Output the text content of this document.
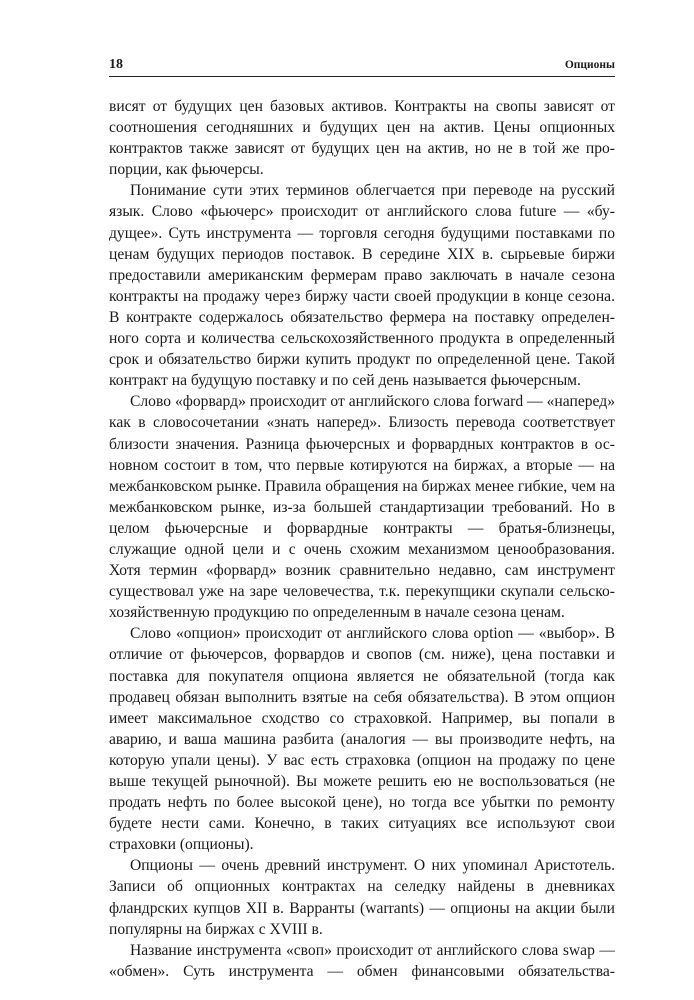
18	Опционы

висят от будущих цен базовых активов. Контракты на свопы зависят от соотношения сегодняшних и будущих цен на актив. Цены опционных контрактов также зависят от будущих цен на актив, но не в той же пропорции, как фьючерсы.

Понимание сути этих терминов облегчается при переводе на русский язык. Слово «фьючерс» происходит от английского слова future — «будущее». Суть инструмента — торговля сегодня будущими поставками по ценам будущих периодов поставок. В середине XIX в. сырьевые биржи предоставили американским фермерам право заключать в начале сезона контракты на продажу через биржу части своей продукции в конце сезона. В контракте содержалось обязательство фермера на поставку определенного сорта и количества сельскохозяйственного продукта в определенный срок и обязательство биржи купить продукт по определенной цене. Такой контракт на будущую поставку и по сей день называется фьючерсным.

Слово «форвард» происходит от английского слова forward — «наперед» как в словосочетании «знать наперед». Близость перевода соответствует близости значения. Разница фьючерсных и форвардных контрактов в основном состоит в том, что первые котируются на биржах, а вторые — на межбанковском рынке. Правила обращения на биржах менее гибкие, чем на межбанковском рынке, из-за большей стандартизации требований. Но в целом фьючерсные и форвардные контракты — братья-близнецы, служащие одной цели и с очень схожим механизмом ценообразования. Хотя термин «форвард» возник сравнительно недавно, сам инструмент существовал уже на заре человечества, т.к. перекупщики скупали сельскохозяйственную продукцию по определенным в начале сезона ценам.

Слово «опцион» происходит от английского слова option — «выбор». В отличие от фьючерсов, форвардов и свопов (см. ниже), цена поставки и поставка для покупателя опциона является не обязательной (тогда как продавец обязан выполнить взятые на себя обязательства). В этом опцион имеет максимальное сходство со страховкой. Например, вы попали в аварию, и ваша машина разбита (аналогия — вы производите нефть, на которую упали цены). У вас есть страховка (опцион на продажу по цене выше текущей рыночной). Вы можете решить ею не воспользоваться (не продать нефть по более высокой цене), но тогда все убытки по ремонту будете нести сами. Конечно, в таких ситуациях все используют свои страховки (опционы).

Опционы — очень древний инструмент. О них упоминал Аристотель. Записи об опционных контрактах на селедку найдены в дневниках фландрских купцов XII в. Варранты (warrants) — опционы на акции были популярны на биржах с XVIII в.

Название инструмента «своп» происходит от английского слова swap — «обмен». Суть инструмента — обмен финансовыми обязательства-
